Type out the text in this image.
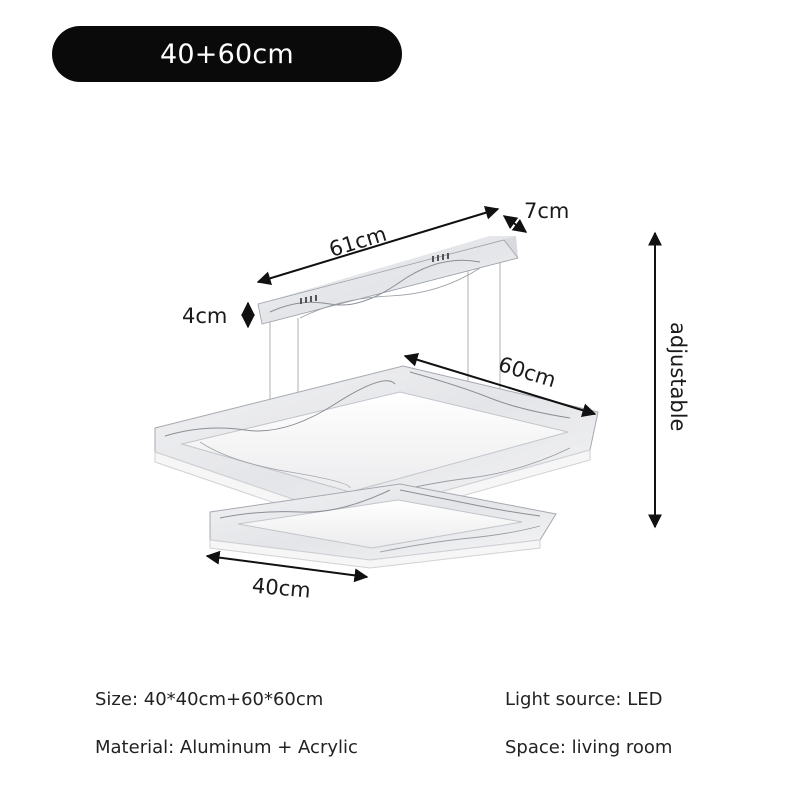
40+60cm
61cm
7cm
4cm
60cm
40cm
adjustable
Size: 40*40cm+60*60cm	Light source: LED
Material: Aluminum + Acrylic	Space: living room
